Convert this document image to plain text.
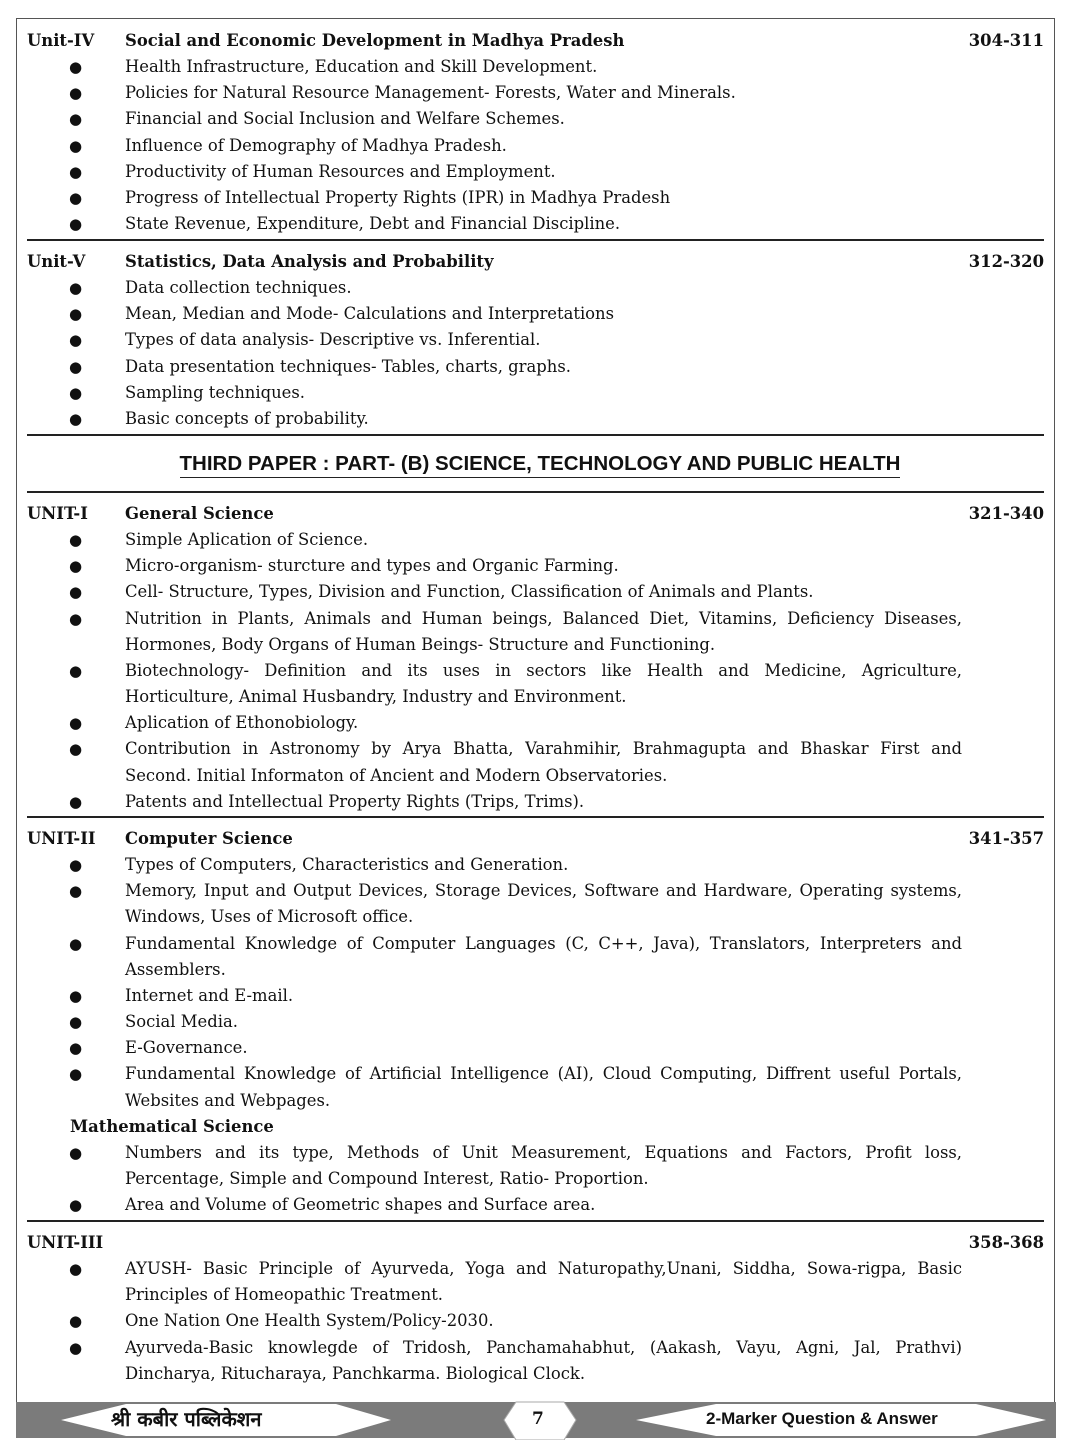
Unit-IV Social and Economic Development in Madhya Pradesh	304-311
●	Health Infrastructure, Education and Skill Development.
●	Policies for Natural Resource Management- Forests, Water and Minerals.
●	Financial and Social Inclusion and Welfare Schemes.
●	Influence of Demography of Madhya Pradesh.
●	Productivity of Human Resources and Employment.
●	Progress of Intellectual Property Rights (IPR) in Madhya Pradesh
●	State Revenue, Expenditure, Debt and Financial Discipline.
Unit-V Statistics, Data Analysis and Probability	312-320
●	Data collection techniques.
●	Mean, Median and Mode- Calculations and Interpretations
●	Types of data analysis- Descriptive vs. Inferential.
●	Data presentation techniques- Tables, charts, graphs.
●	Sampling techniques.
●	Basic concepts of probability.
THIRD PAPER : PART- (B) SCIENCE, TECHNOLOGY AND PUBLIC HEALTH
UNIT-I General Science	321-340
●	Simple Aplication of Science.
●	Micro-organism- sturcture and types and Organic Farming.
●	Cell- Structure, Types, Division and Function, Classification of Animals and Plants.
●	Nutrition in Plants, Animals and Human beings, Balanced Diet, Vitamins, Deficiency Diseases, Hormones, Body Organs of Human Beings- Structure and Functioning.
●	Biotechnology- Definition and its uses in sectors like Health and Medicine, Agriculture, Horticulture, Animal Husbandry, Industry and Environment.
●	Aplication of Ethonobiology.
●	Contribution in Astronomy by Arya Bhatta, Varahmihir, Brahmagupta and Bhaskar First and Second. Initial Informaton of Ancient and Modern Observatories.
●	Patents and Intellectual Property Rights (Trips, Trims).
UNIT-II Computer Science	341-357
●	Types of Computers, Characteristics and Generation.
●	Memory, Input and Output Devices, Storage Devices, Software and Hardware, Operating systems, Windows, Uses of Microsoft office.
●	Fundamental Knowledge of Computer Languages (C, C++, Java), Translators, Interpreters and Assemblers.
●	Internet and E-mail.
●	Social Media.
●	E-Governance.
●	Fundamental Knowledge of Artificial Intelligence (AI), Cloud Computing, Diffrent useful Portals, Websites and Webpages.
Mathematical Science
●	Numbers and its type, Methods of Unit Measurement, Equations and Factors, Profit loss, Percentage, Simple and Compound Interest, Ratio- Proportion.
●	Area and Volume of Geometric shapes and Surface area.
UNIT-III	358-368
●	AYUSH- Basic Principle of Ayurveda, Yoga and Naturopathy,Unani, Siddha, Sowa-rigpa, Basic Principles of Homeopathic Treatment.
●	One Nation One Health System/Policy-2030.
●	Ayurveda-Basic knowlegde of Tridosh, Panchamahabhut, (Aakash, Vayu, Agni, Jal, Prathvi) Dincharya, Ritucharaya, Panchkarma. Biological Clock.
श्री कबीर पब्लिकेशन	7	2-Marker Question & Answer
